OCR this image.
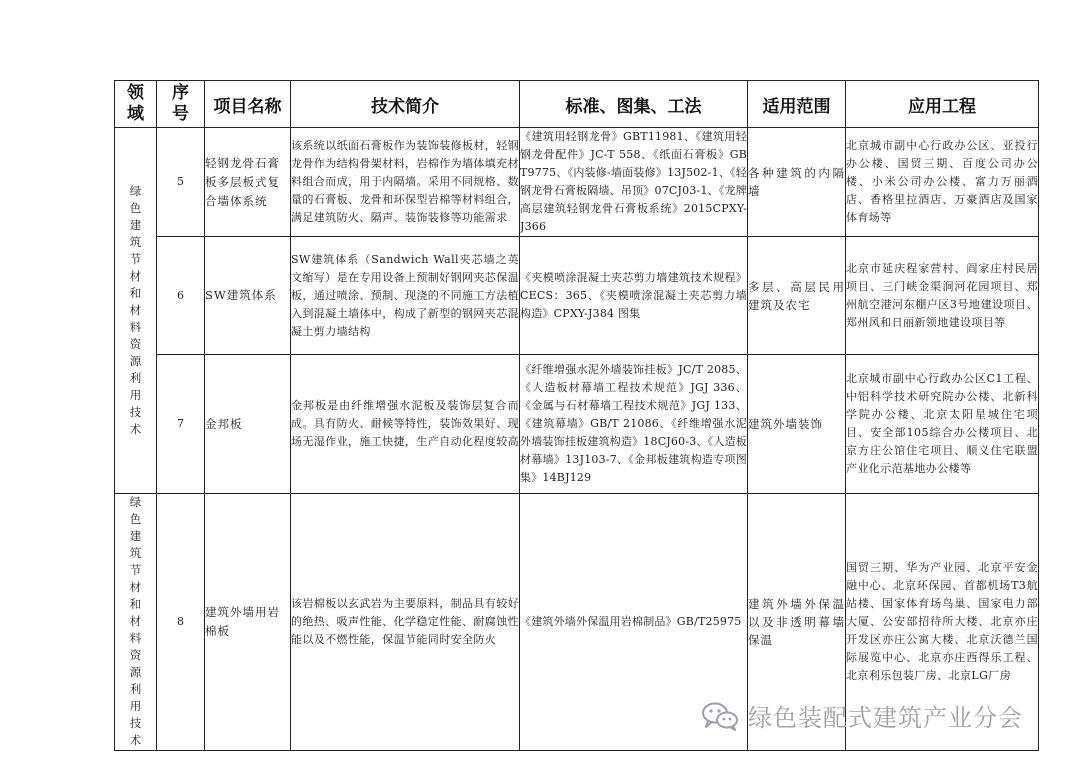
领域	序号	项目名称	技术简介	标准、图集、工法	适用范围	应用工程
绿色建筑节材和材料资源利用技术	5	轻钢龙骨石膏板多层板式复合墙体系统	该系统以纸面石膏板作为装饰装修板材，轻钢龙骨作为结构骨架材料，岩棉作为墙体填充材料组合而成，用于内隔墙。采用不同规格、数量的石膏板、龙骨和环保型岩棉等材料组合，满足建筑防火、隔声、装饰装修等功能需求	《建筑用轻钢龙骨》GBT11981、《建筑用轻钢龙骨配件》JC-T 558、《纸面石膏板》GB T9775、《内装修-墙面装修》13J502-1、《轻钢龙骨石膏板隔墙、吊顶》07CJ03-1、《龙牌高层建筑轻钢龙骨石膏板系统》2015CPXY-J366	各种建筑的内隔墙	北京城市副中心行政办公区、亚投行办公楼、国贸三期、百度公司办公楼、小米公司办公楼、富力万丽酒店、香格里拉酒店、万豪酒店及国家体育场等
	6	SW建筑体系	SW建筑体系（Sandwich Wall夹芯墙之英文缩写）是在专用设备上预制好钢网夹芯保温板，通过喷涂、预制、现浇的不同施工方法植入到混凝土墙体中，构成了新型的钢网夹芯混凝土剪力墙结构	《夹模喷涂混凝土夹芯剪力墙建筑技术规程》CECS：365、《夹模喷涂混凝土夹芯剪力墙构造》CPXY-J384 图集	多层、高层民用建筑及农宅	北京市延庆程家营村、阎家庄村民居项目、三门峡金渠涧河花园项目、郑州航空港河东棚户区3号地建设项目、郑州风和日丽新领地建设项目等
	7	金邦板	金邦板是由纤维增强水泥板及装饰层复合而成。具有防火、耐候等特性，装饰效果好、现场无湿作业，施工快捷，生产自动化程度较高	《纤维增强水泥外墙装饰挂板》JC/T 2085、《人造板材幕墙工程技术规范》JGJ 336、《金属与石材幕墙工程技术规范》JGJ 133、《建筑幕墙》GB/T 21086、《纤维增强水泥外墙装饰挂板建筑构造》18CJ60-3、《人造板材幕墙》13J103-7、《金邦板建筑构造专项图集》14BJ129	建筑外墙装饰	北京城市副中心行政办公区C1工程、中铝科学技术研究院办公楼、北新科学院办公楼、北京太阳星城住宅项目、安全部105综合办公楼项目、北京方庄公馆住宅项目、顺义住宅联盟产业化示范基地办公楼等
绿色建筑节材和材料资源利用技术	8	建筑外墙用岩棉板	该岩棉板以玄武岩为主要原料，制品具有较好的绝热、吸声性能、化学稳定性能、耐腐蚀性能以及不燃性能，保温节能同时安全防火	《建筑外墙外保温用岩棉制品》GB/T25975	建筑外墙外保温以及非透明幕墙保温	国贸三期、华为产业园、北京平安金融中心、北京环保园、首都机场T3航站楼、国家体育场鸟巢、国家电力部大厦、公安部招待所大楼、北京亦庄开发区亦庄公寓大楼、北京沃德兰国际展览中心、北京亦庄西得乐工程、北京利乐包装厂房、北京LG厂房
绿色装配式建筑产业分会
